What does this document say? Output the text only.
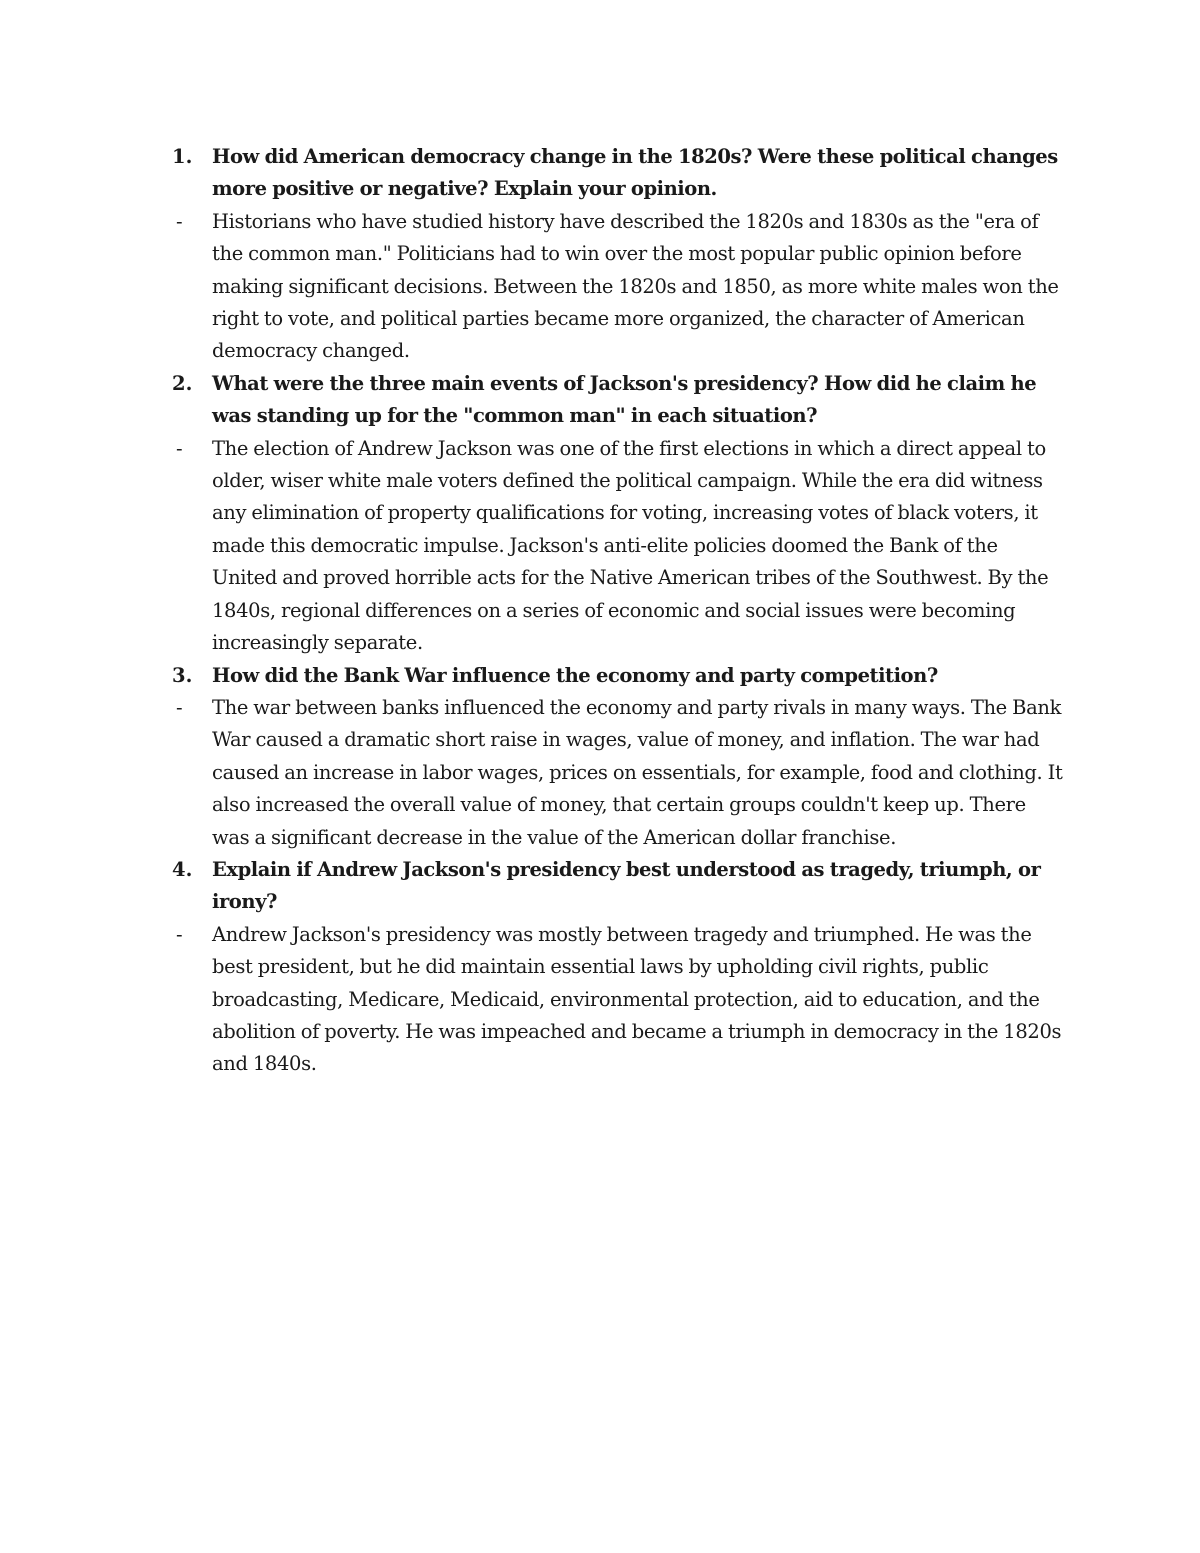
1.	How did American democracy change in the 1820s? Were these political changes more positive or negative? Explain your opinion.
-	Historians who have studied history have described the 1820s and 1830s as the "era of the common man." Politicians had to win over the most popular public opinion before making significant decisions. Between the 1820s and 1850, as more white males won the right to vote, and political parties became more organized, the character of American democracy changed.
2.	What were the three main events of Jackson's presidency? How did he claim he was standing up for the "common man" in each situation?
-	The election of Andrew Jackson was one of the first elections in which a direct appeal to older, wiser white male voters defined the political campaign. While the era did witness any elimination of property qualifications for voting, increasing votes of black voters, it made this democratic impulse. Jackson's anti-elite policies doomed the Bank of the United and proved horrible acts for the Native American tribes of the Southwest. By the 1840s, regional differences on a series of economic and social issues were becoming increasingly separate.
3.	How did the Bank War influence the economy and party competition?
-	The war between banks influenced the economy and party rivals in many ways. The Bank War caused a dramatic short raise in wages, value of money, and inflation. The war had caused an increase in labor wages, prices on essentials, for example, food and clothing. It also increased the overall value of money, that certain groups couldn't keep up. There was a significant decrease in the value of the American dollar franchise.
4.	Explain if Andrew Jackson's presidency best understood as tragedy, triumph, or irony?
-	Andrew Jackson's presidency was mostly between tragedy and triumphed. He was the best president, but he did maintain essential laws by upholding civil rights, public broadcasting, Medicare, Medicaid, environmental protection, aid to education, and the abolition of poverty. He was impeached and became a triumph in democracy in the 1820s and 1840s.
